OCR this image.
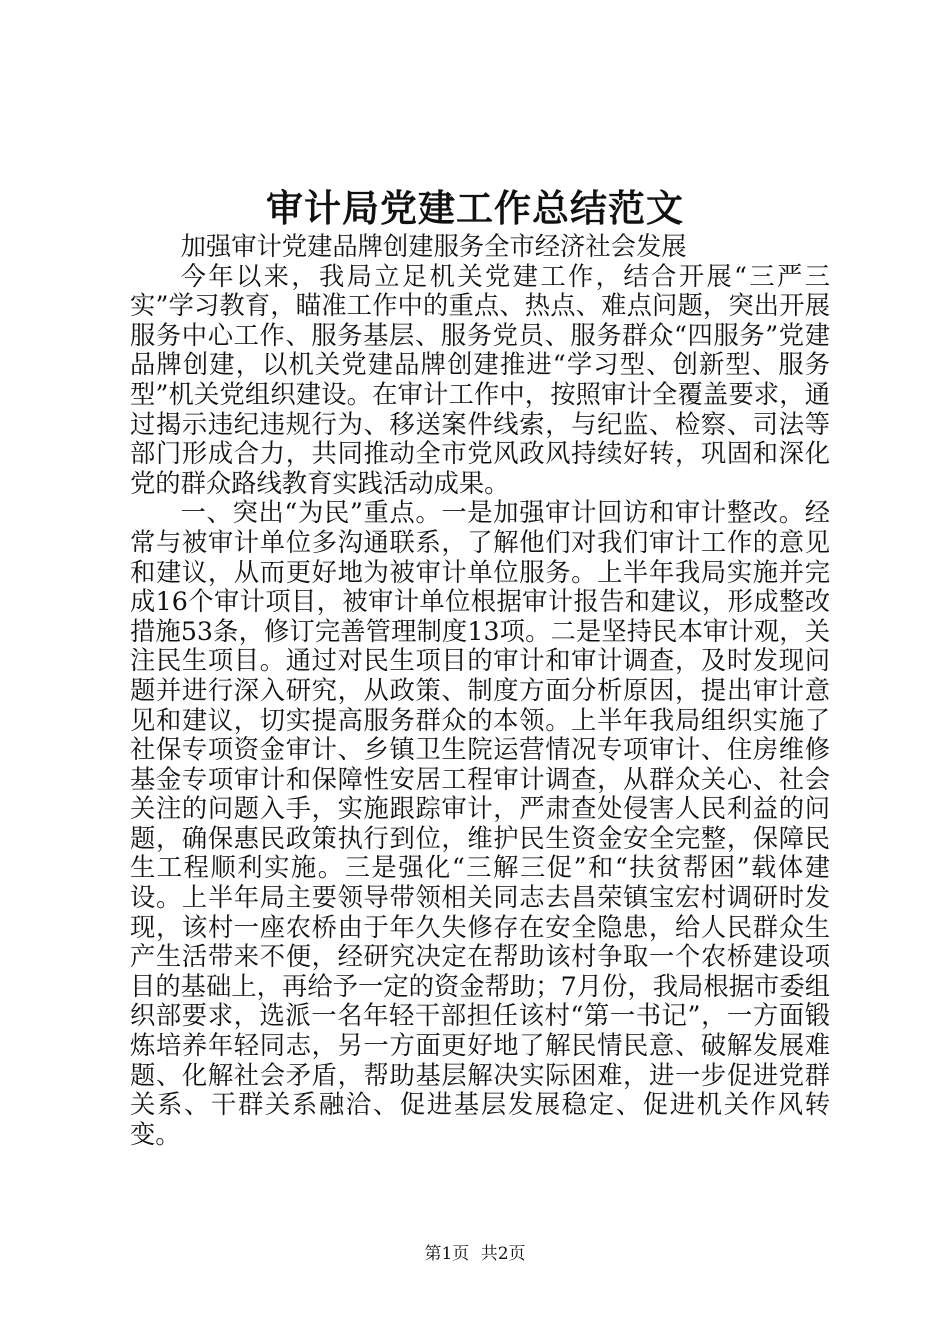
审计局党建工作总结范文

加强审计党建品牌创建服务全市经济社会发展

今年以来，我局立足机关党建工作，结合开展“三严三实”学习教育，瞄准工作中的重点、热点、难点问题，突出开展服务中心工作、服务基层、服务党员、服务群众“四服务”党建品牌创建，以机关党建品牌创建推进“学习型、创新型、服务型”机关党组织建设。在审计工作中，按照审计全覆盖要求，通过揭示违纪违规行为、移送案件线索，与纪监、检察、司法等部门形成合力，共同推动全市党风政风持续好转，巩固和深化党的群众路线教育实践活动成果。

一、突出“为民”重点。一是加强审计回访和审计整改。经常与被审计单位多沟通联系，了解他们对我们审计工作的意见和建议，从而更好地为被审计单位服务。上半年我局实施并完成16个审计项目，被审计单位根据审计报告和建议，形成整改措施53条，修订完善管理制度13项。二是坚持民本审计观，关注民生项目。通过对民生项目的审计和审计调查，及时发现问题并进行深入研究，从政策、制度方面分析原因，提出审计意见和建议，切实提高服务群众的本领。上半年我局组织实施了社保专项资金审计、乡镇卫生院运营情况专项审计、住房维修基金专项审计和保障性安居工程审计调查，从群众关心、社会关注的问题入手，实施跟踪审计，严肃查处侵害人民利益的问题，确保惠民政策执行到位，维护民生资金安全完整，保障民生工程顺利实施。三是强化“三解三促”和“扶贫帮困”载体建设。上半年局主要领导带领相关同志去昌荣镇宝宏村调研时发现，该村一座农桥由于年久失修存在安全隐患，给人民群众生产生活带来不便，经研究决定在帮助该村争取一个农桥建设项目的基础上，再给予一定的资金帮助；7月份，我局根据市委组织部要求，选派一名年轻干部担任该村“第一书记”，一方面锻炼培养年轻同志，另一方面更好地了解民情民意、破解发展难题、化解社会矛盾，帮助基层解决实际困难，进一步促进党群关系、干群关系融洽、促进基层发展稳定、促进机关作风转变。

第1页 共2页
